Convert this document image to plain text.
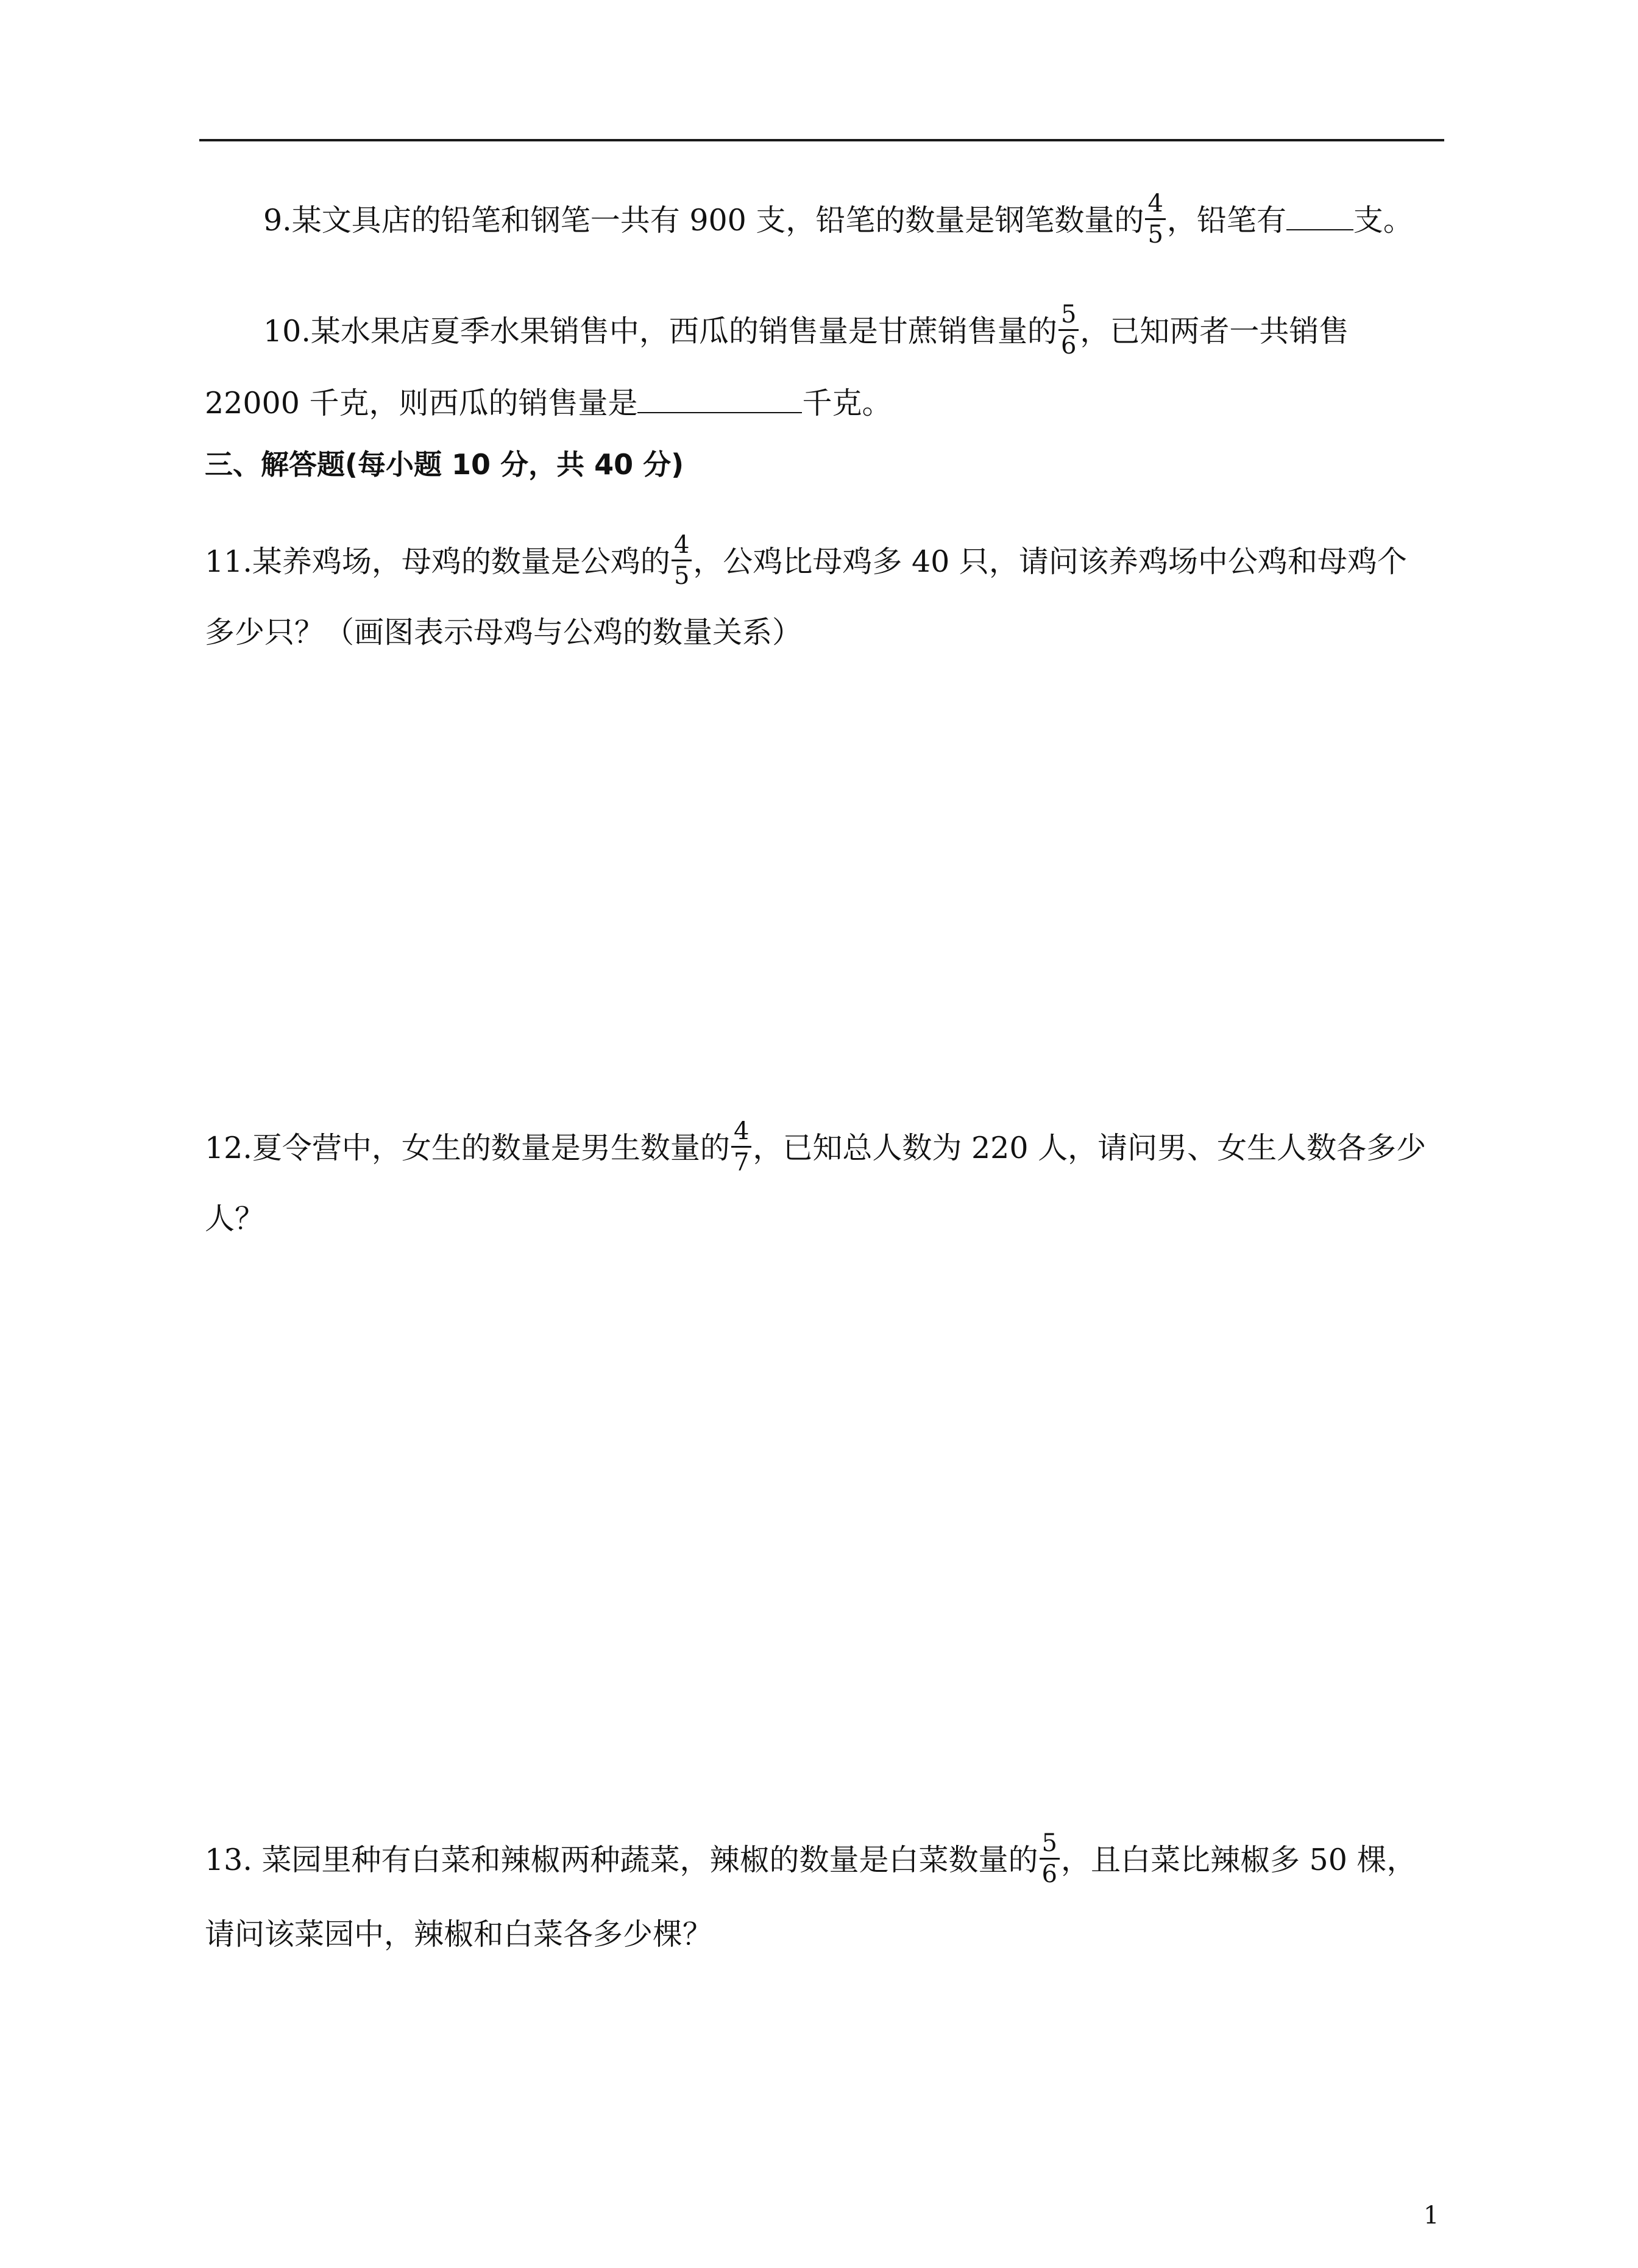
9.某文具店的铅笔和钢笔一共有 900 支，铅笔的数量是钢笔数量的 $\frac{4}{5}$ ，铅笔有 支。
10.某水果店夏季水果销售中，西瓜的销售量是甘蔗销售量的 $\frac{5}{6}$ ，已知两者一共销售
22000 千克，则西瓜的销售量是	千克。
三、解答题(每小题 10 分，共 40 分)
11.某养鸡场，母鸡的数量是公鸡的 $\frac{4}{5}$ ，公鸡比母鸡多 40 只，请问该养鸡场中公鸡和母鸡个
多少只？（画图表示母鸡与公鸡的数量关系）
12.夏令营中，女生的数量是男生数量的 $\frac{4}{7}$ ，已知总人数为 220 人，请问男、女生人数各多少
人？
13. 菜园里种有白菜和辣椒两种蔬菜，辣椒的数量是白菜数量的 $\frac{5}{6}$ ，且白菜比辣椒多 50 棵，
请问该菜园中，辣椒和白菜各多少棵？
1
